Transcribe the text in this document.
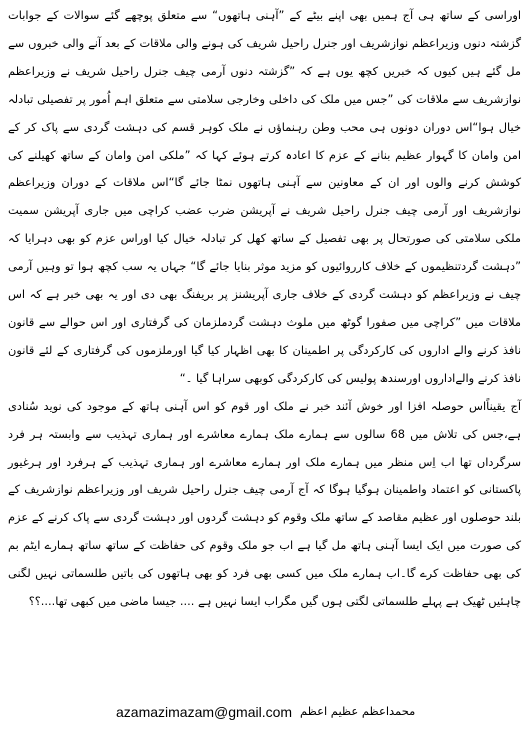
اوراسی کے ساتھ ہی آج ہمیں بھی اپنے بیٹے کے ”آہنی ہاتھوں“ سے متعلق پوچھے گئے سوالات کے جوابات گزشتہ دنوں وزیراعظم نوازشریف اور جنرل راحیل شریف کی ہونے والی ملاقات کے بعد آنے والی خبروں سے مل گئے ہیں کیوں کہ خبریں کچھ یوں ہے کہ ”گزشتہ دنوں آرمی چیف جنرل راحیل شریف نے وزیراعظم نوازشریف سے ملاقات کی ”جس میں ملک کی داخلی وخارجی سلامتی سے متعلق اہم اُمور پر تفصیلی تبادلہ خیال ہوا“اس دوران دونوں ہی محب وطن رہنماؤں نے ملک کوہر قسم کی دہشت گردی سے پاک کر کے امن وامان کا گہوار عظیم بنانے کے عزم کا اعادہ کرتے ہوئے کہا کہ ”ملکی امن وامان کے ساتھ کھیلنے کی کوشش کرنے والوں اور ان کے معاونین سے آہنی ہاتھوں نمٹا جائے گا“اس ملاقات کے دوران وزیراعظم نوازشریف اور آرمی چیف جنرل راحیل شریف نے آپریشن ضرب عضب کراچی میں جاری آپریشن سمیت ملکی سلامتی کی صورتحال پر بھی تفصیل کے ساتھ کھل کر تبادلہ خیال کیا اوراس عزم کو بھی دہرایا کہ ”دہشت گردتنظیموں کے خلاف کارروائیوں کو مزید موثر بنایا جائے گا“ جہاں یہ سب کچھ ہوا تو وہیں آرمی چیف نے وزیراعظم کو دہشت گردی کے خلاف جاری آپریشنز پر بریفنگ بھی دی اور یہ بھی خبر ہے کہ اس ملاقات میں ”کراچی میں صفورا گوٹھ میں ملوث دہشت گردملزمان کی گرفتاری اور اس حوالے سے قانون نافذ کرنے والے اداروں کی کارکردگی پر اطمینان کا بھی اظہار کیا گیا اورملزموں کی گرفتاری کے لئے قانون نافذ کرنے والےاداروں اورسندھ پولیس کی کارکردگی کوبھی سراہا گیا ۔“

آج یقیناًاس حوصلہ افزا اور خوش آئند خبر نے ملک اور قوم کو اس آہنی ہاتھ کے موجود کی نوید سُنادی ہے،جس کی تلاش میں 68 سالوں سے ہمارے ملک ہمارے معاشرے اور ہماری تہذیب سے وابستہ ہر فرد سرگرداں تھا اب اِس منظر میں ہمارے ملک اور ہمارے معاشرے اور ہماری تہذیب کے ہرفرد اور ہرغیور پاکستانی کو اعتماد واطمینان ہوگیا ہوگا کہ آج آرمی چیف جنرل راحیل شریف اور وزیراعظم نوازشریف کے بلند حوصلوں اور عظیم مقاصد کے ساتھ ملک وقوم کو دہشت گردوں اور دہشت گردی سے پاک کرنے کے عزم کی صورت میں ایک ایسا آہنی ہاتھ مل گیا ہے اب جو ملک وقوم کی حفاظت کے ساتھ ساتھ ہمارے ایٹم بم کی بھی حفاظت کرے گا۔اب ہمارے ملک میں کسی بھی فرد کو بھی ہاتھوں کی باتیں طلسماتی نہیں لگنی چاہئیں ٹھیک ہے پہلے طلسماتی لگتی ہوں گیں مگراب ایسا نہیں ہے .... جیسا ماضی میں کبھی تھا....؟؟

azamazimazam@gmail.com محمداعظم عظیم اعظم
